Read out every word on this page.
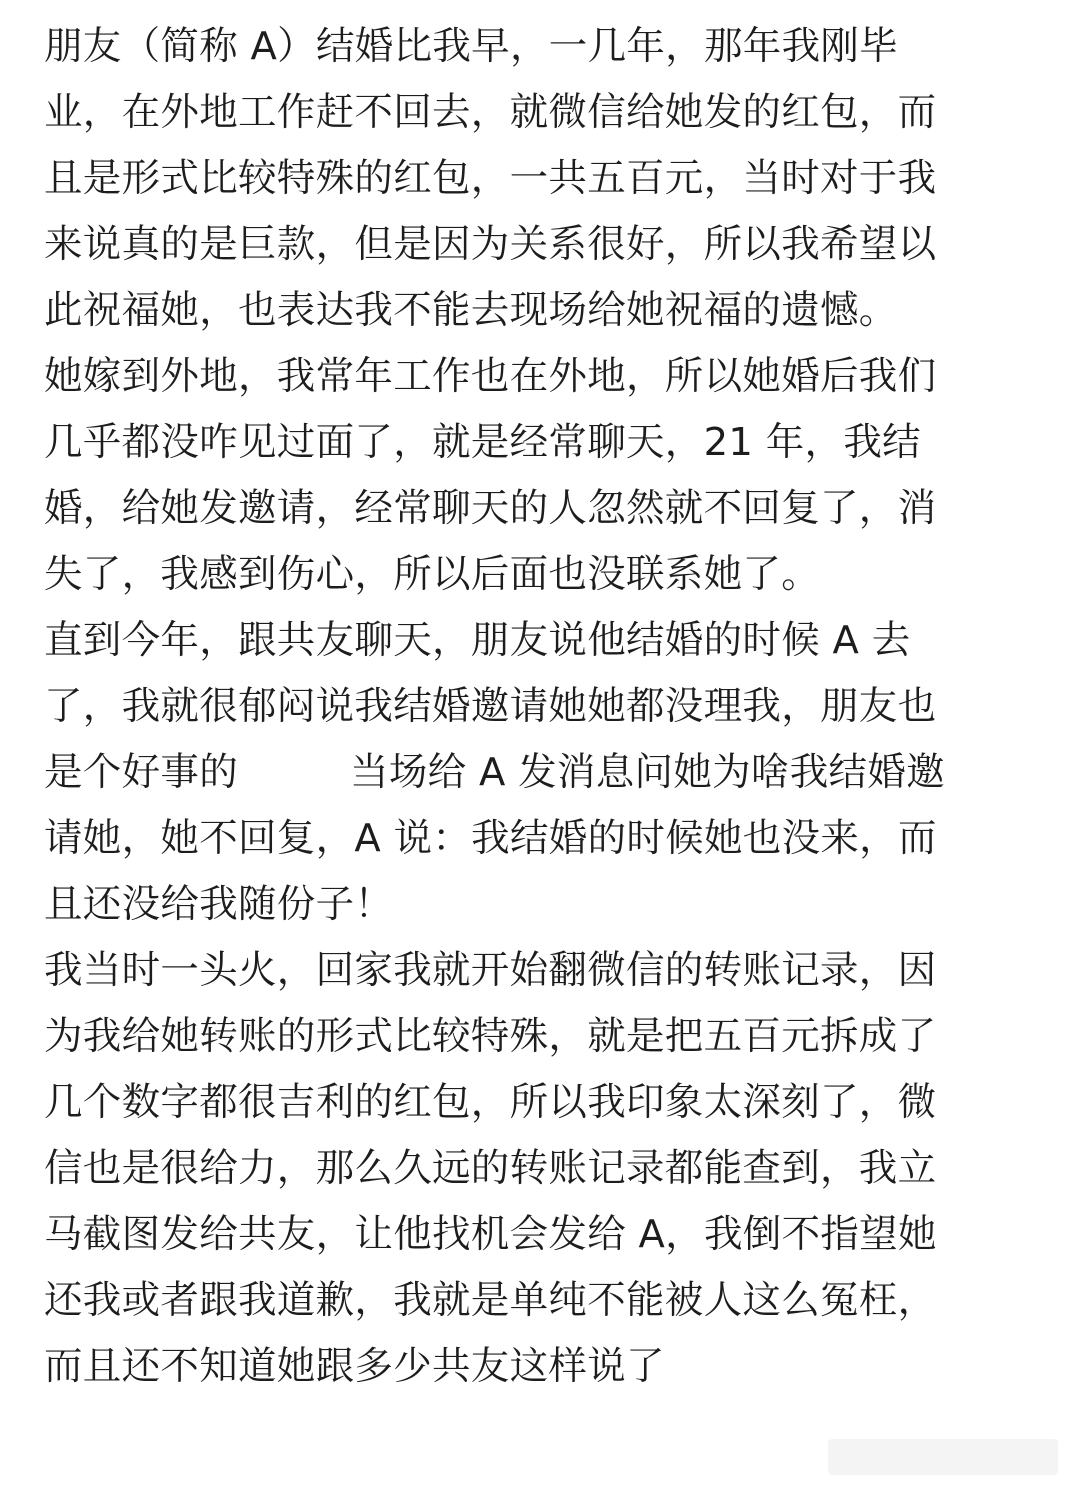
朋友（简称 A）结婚比我早，一几年，那年我刚毕
业，在外地工作赶不回去，就微信给她发的红包，而
且是形式比较特殊的红包，一共五百元，当时对于我
来说真的是巨款，但是因为关系很好，所以我希望以
此祝福她，也表达我不能去现场给她祝福的遗憾。
她嫁到外地，我常年工作也在外地，所以她婚后我们
几乎都没咋见过面了，就是经常聊天，21 年，我结
婚，给她发邀请，经常聊天的人忽然就不回复了，消
失了，我感到伤心，所以后面也没联系她了。
直到今年，跟共友聊天，朋友说他结婚的时候 A 去
了，我就很郁闷说我结婚邀请她她都没理我，朋友也
是个好事的	当场给 A 发消息问她为啥我结婚邀
请她，她不回复，A 说：我结婚的时候她也没来，而
且还没给我随份子！
我当时一头火，回家我就开始翻微信的转账记录，因
为我给她转账的形式比较特殊，就是把五百元拆成了
几个数字都很吉利的红包，所以我印象太深刻了，微
信也是很给力，那么久远的转账记录都能查到，我立
马截图发给共友，让他找机会发给 A，我倒不指望她
还我或者跟我道歉，我就是单纯不能被人这么冤枉，
而且还不知道她跟多少共友这样说了
